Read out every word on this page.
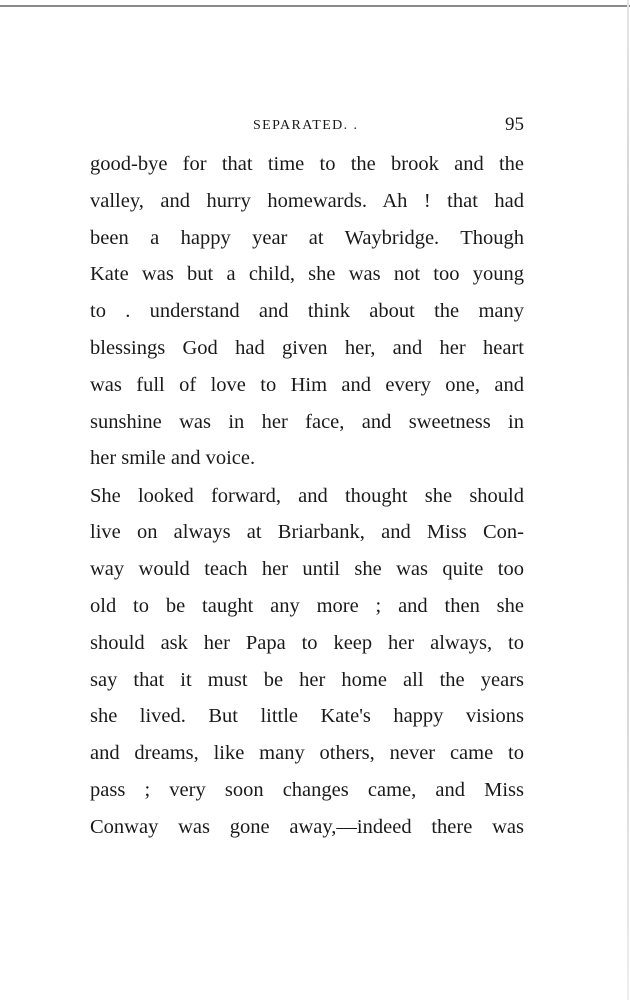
SEPARATED. .	95
good-bye for that time to the brook and the
valley, and hurry homewards. Ah ! that had
been a happy year at Waybridge. Though
Kate was but a child, she was not too young
to . understand and think about the many
blessings God had given her, and her heart
was full of love to Him and every one, and
sunshine was in her face, and sweetness in
her smile and voice.
She looked forward, and thought she should
live on always at Briarbank, and Miss Con-
way would teach her until she was quite too
old to be taught any more ; and then she
should ask her Papa to keep her always, to
say that it must be her home all the years
she lived. But little Kate's happy visions
and dreams, like many others, never came to
pass ; very soon changes came, and Miss
Conway was gone away,—indeed there was
